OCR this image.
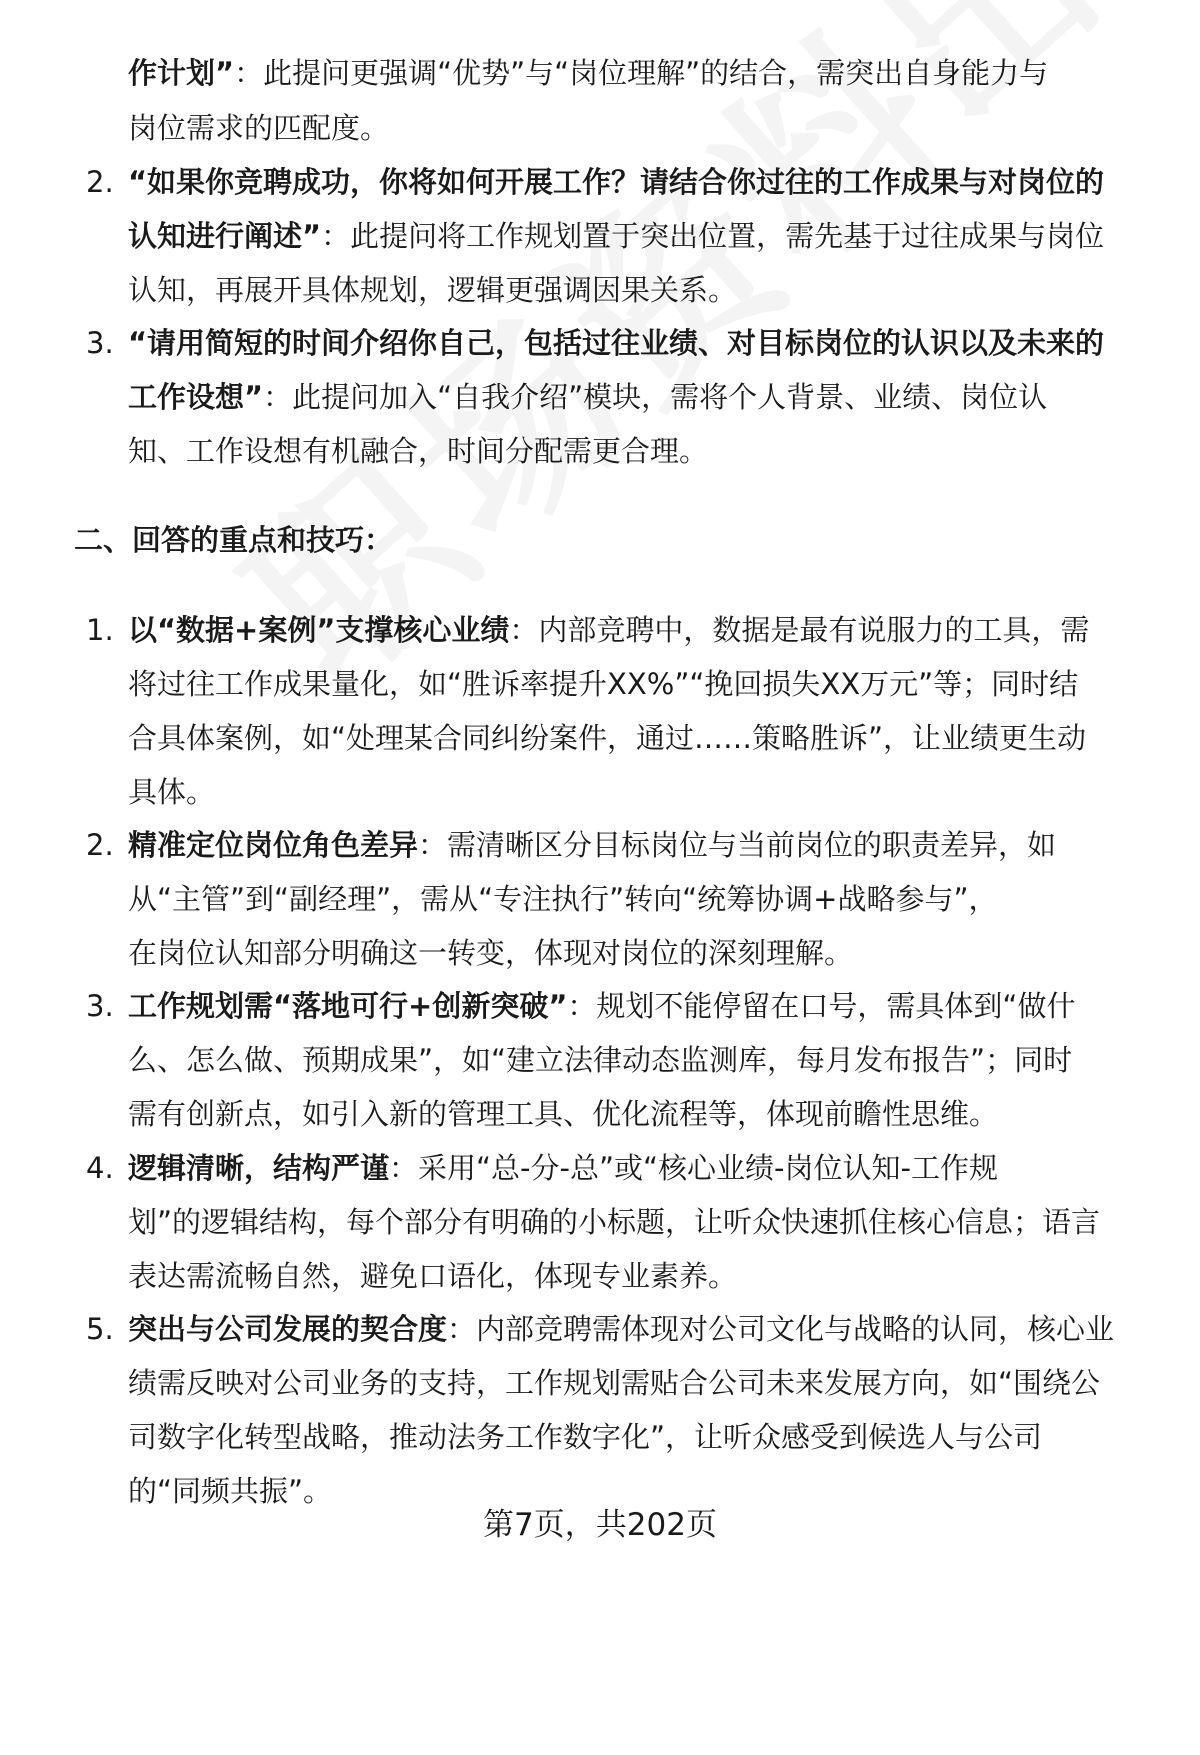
作计划”：此提问更强调“优势”与“岗位理解”的结合，需突出自身能力与
岗位需求的匹配度。
2. “如果你竞聘成功，你将如何开展工作？请结合你过往的工作成果与对岗位的
认知进行阐述”：此提问将工作规划置于突出位置，需先基于过往成果与岗位
认知，再展开具体规划，逻辑更强调因果关系。
3. “请用简短的时间介绍你自己，包括过往业绩、对目标岗位的认识以及未来的
工作设想”：此提问加入“自我介绍”模块，需将个人背景、业绩、岗位认
知、工作设想有机融合，时间分配需更合理。
二、回答的重点和技巧：
1. 以“数据+案例”支撑核心业绩：内部竞聘中，数据是最有说服力的工具，需
将过往工作成果量化，如“胜诉率提升XX%”“挽回损失XX万元”等；同时结
合具体案例，如“处理某合同纠纷案件，通过……策略胜诉”，让业绩更生动
具体。
2. 精准定位岗位角色差异：需清晰区分目标岗位与当前岗位的职责差异，如
从“主管”到“副经理”，需从“专注执行”转向“统筹协调+战略参与”，
在岗位认知部分明确这一转变，体现对岗位的深刻理解。
3. 工作规划需“落地可行+创新突破”：规划不能停留在口号，需具体到“做什
么、怎么做、预期成果”，如“建立法律动态监测库，每月发布报告”；同时
需有创新点，如引入新的管理工具、优化流程等，体现前瞻性思维。
4. 逻辑清晰，结构严谨：采用“总-分-总”或“核心业绩-岗位认知-工作规
划”的逻辑结构，每个部分有明确的小标题，让听众快速抓住核心信息；语言
表达需流畅自然，避免口语化，体现专业素养。
5. 突出与公司发展的契合度：内部竞聘需体现对公司文化与战略的认同，核心业
绩需反映对公司业务的支持，工作规划需贴合公司未来发展方向，如“围绕公
司数字化转型战略，推动法务工作数字化”，让听众感受到候选人与公司
的“同频共振”。
第7页，共202页
